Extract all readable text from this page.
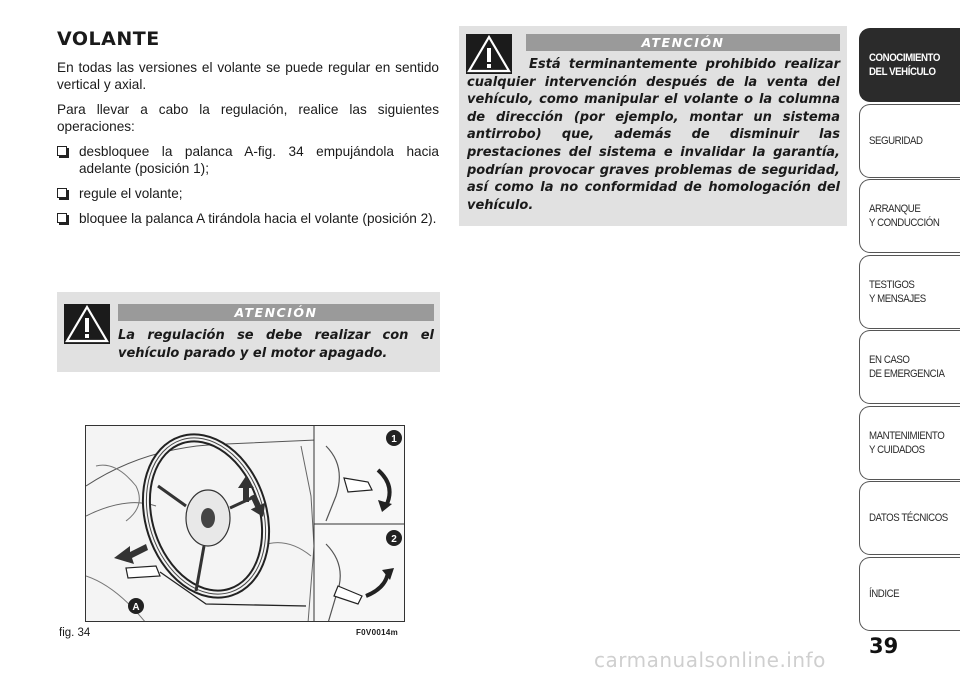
VOLANTE

En todas las versiones el volante se puede regular en sentido vertical y axial.

Para llevar a cabo la regulación, realice las siguientes operaciones:

desbloquee la palanca A-fig. 34 empujándola hacia adelante (posición 1);
regule el volante;
bloquee la palanca A tirándola hacia el volante (posición 2).
ATENCIÓN
La regulación se debe realizar con el vehículo parado y el motor apagado.
ATENCIÓN
Está terminantemente prohibido realizar cualquier intervención después de la venta del vehículo, como manipular el volante o la columna de dirección (por ejemplo, montar un sistema antirrobo) que, además de disminuir las prestaciones del sistema e invalidar la garantía, podrían provocar graves problemas de seguridad, así como la no conformidad de homologación del vehículo.
A
1
2
fig. 34	F0V0014m
CONOCIMIENTO
DEL VEHÍCULO
SEGURIDAD
ARRANQUE
Y CONDUCCIÓN
TESTIGOS
Y MENSAJES
EN CASO
DE EMERGENCIA
MANTENIMIENTO
Y CUIDADOS
DATOS TÉCNICOS
ÍNDICE
39
carmanualsonline.info
